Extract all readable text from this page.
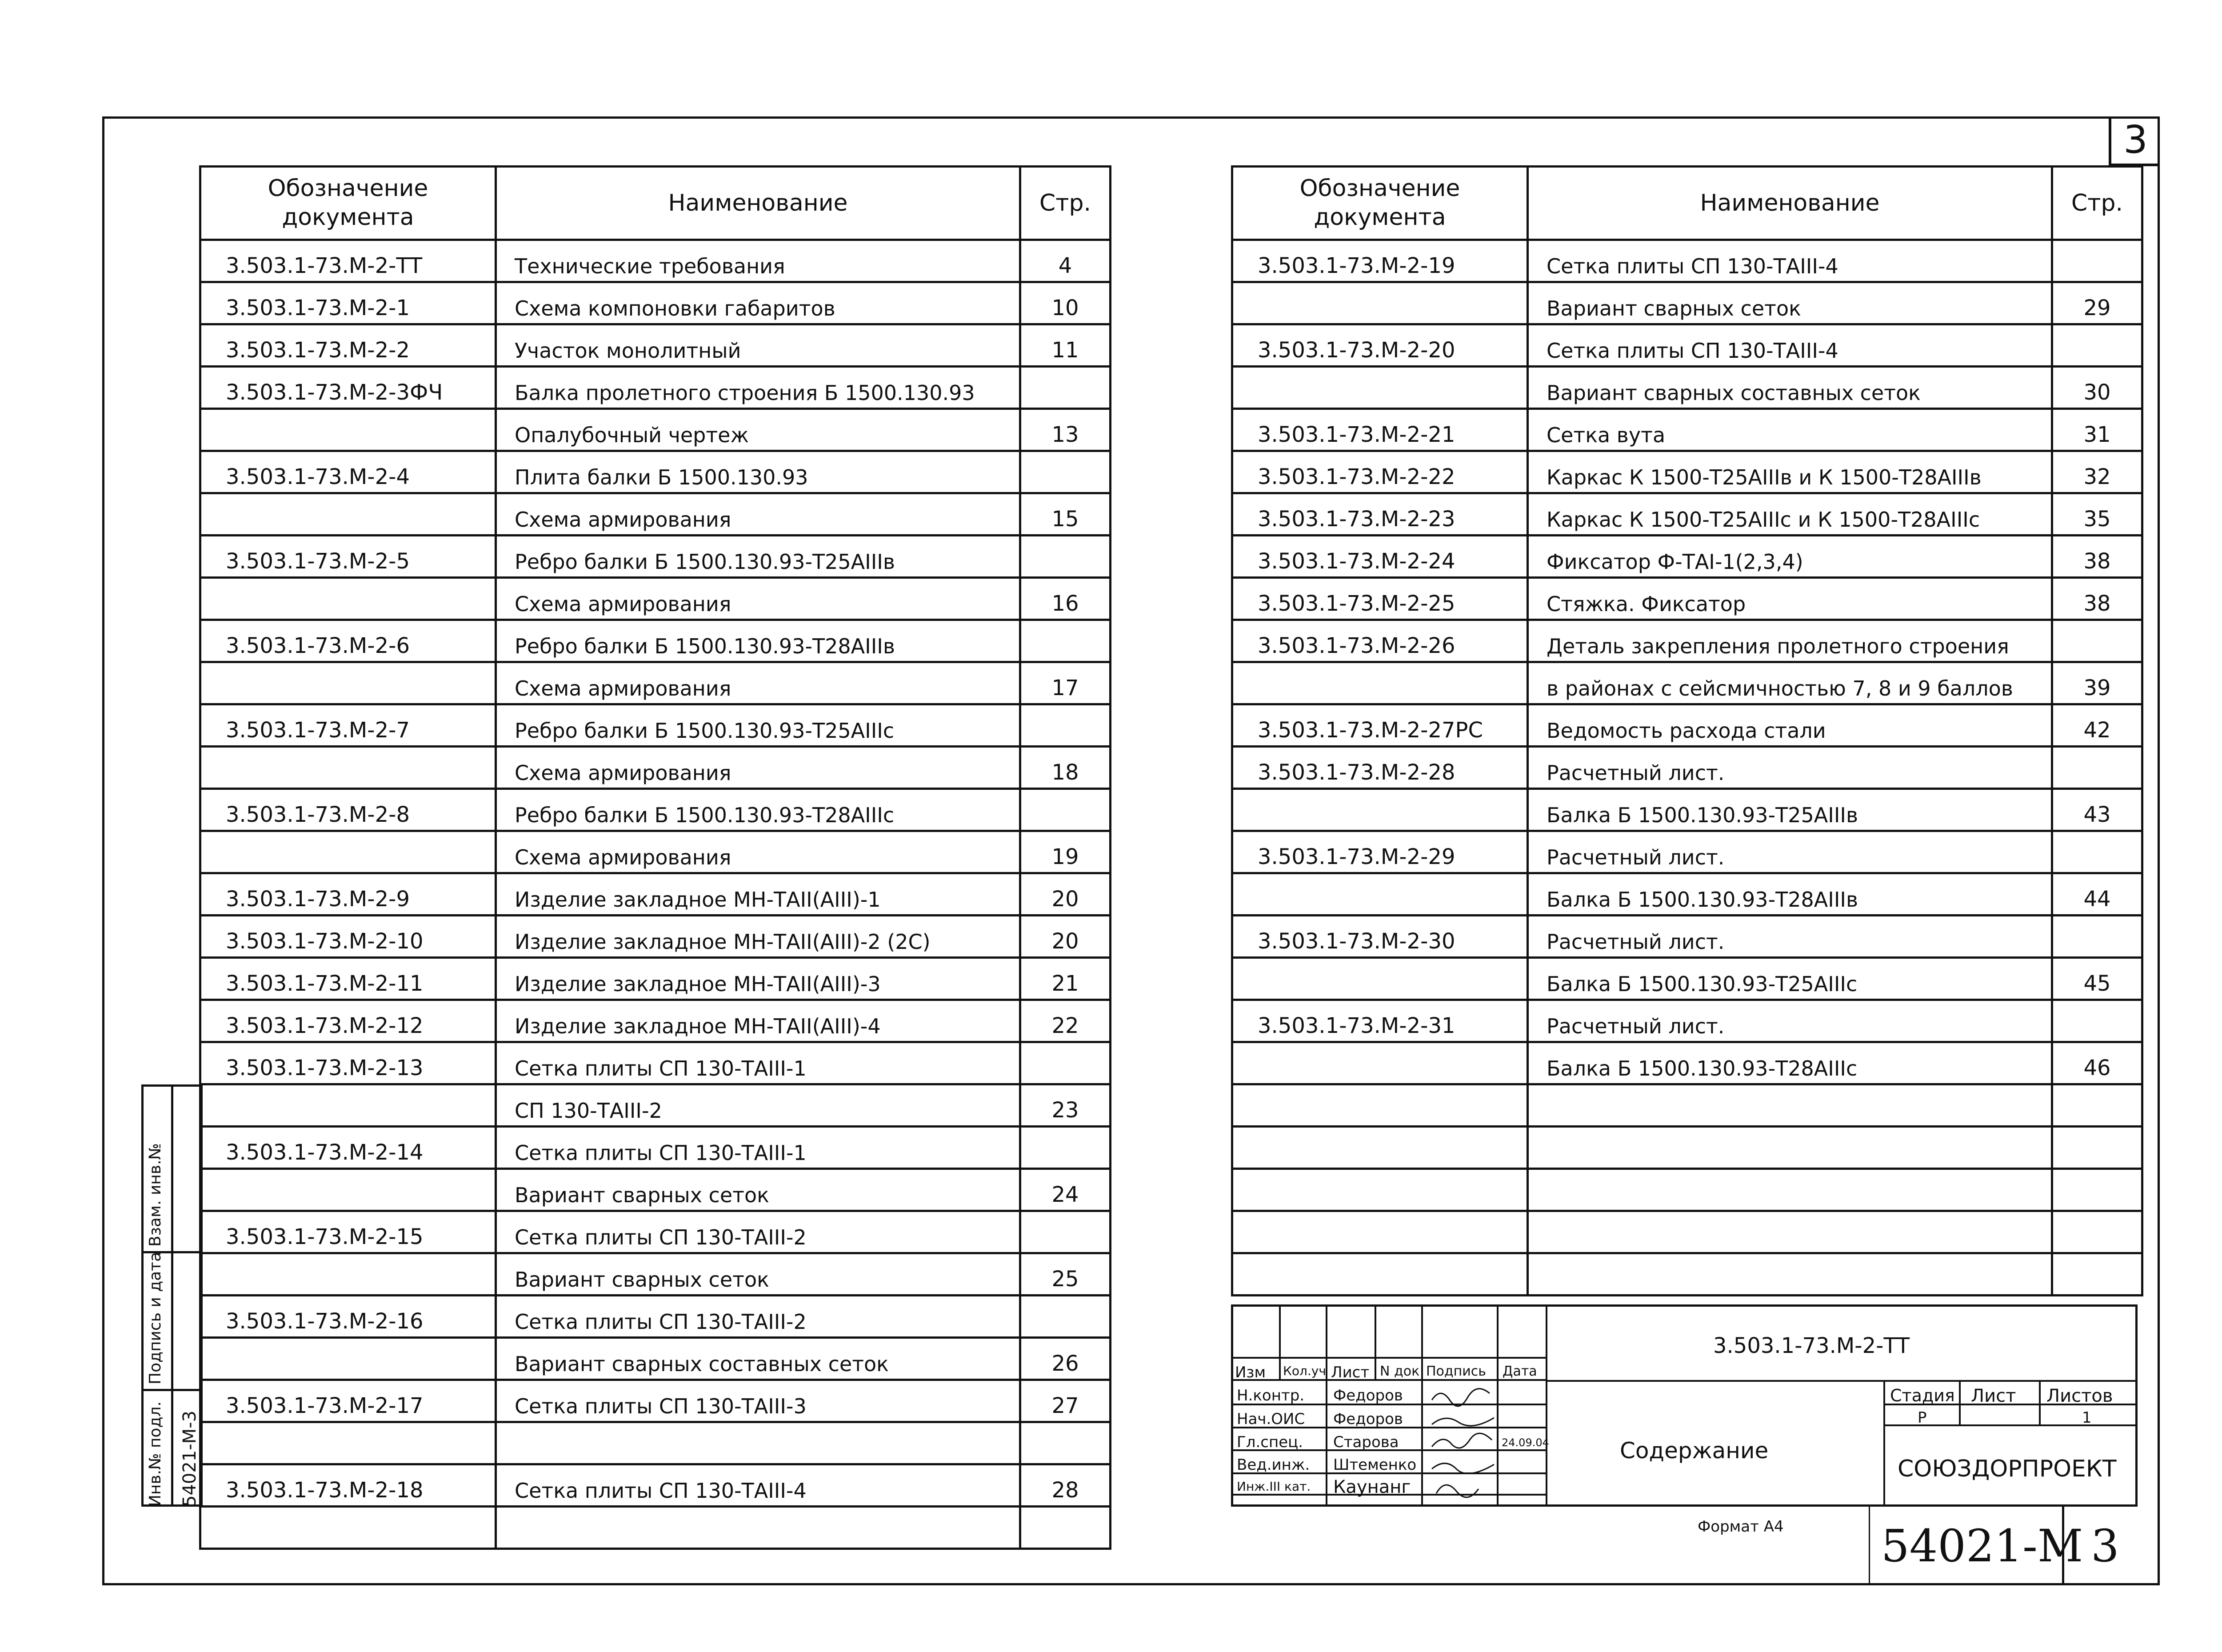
3
Обозначение документа	Наименование	Стр.
3.503.1-73.М-2-ТТ	Технические требования	4
3.503.1-73.М-2-1	Схема компоновки габаритов	10
3.503.1-73.М-2-2	Участок монолитный	11
3.503.1-73.М-2-3ФЧ	Балка пролетного строения Б 1500.130.93	
	Опалубочный чертеж	13
3.503.1-73.М-2-4	Плита балки Б 1500.130.93	
	Схема армирования	15
3.503.1-73.М-2-5	Ребро балки Б 1500.130.93-Т25АIIIв	
	Схема армирования	16
3.503.1-73.М-2-6	Ребро балки Б 1500.130.93-Т28АIIIв	
	Схема армирования	17
3.503.1-73.М-2-7	Ребро балки Б 1500.130.93-Т25АIIIс	
	Схема армирования	18
3.503.1-73.М-2-8	Ребро балки Б 1500.130.93-Т28АIIIс	
	Схема армирования	19
3.503.1-73.М-2-9	Изделие закладное МН-ТАII(АIII)-1	20
3.503.1-73.М-2-10	Изделие закладное МН-ТАII(АIII)-2 (2С)	20
3.503.1-73.М-2-11	Изделие закладное МН-ТАII(АIII)-3	21
3.503.1-73.М-2-12	Изделие закладное МН-ТАII(АIII)-4	22
3.503.1-73.М-2-13	Сетка плиты СП 130-ТАIII-1	
	СП 130-ТАIII-2	23
3.503.1-73.М-2-14	Сетка плиты СП 130-ТАIII-1	
	Вариант сварных сеток	24
3.503.1-73.М-2-15	Сетка плиты СП 130-ТАIII-2	
	Вариант сварных сеток	25
3.503.1-73.М-2-16	Сетка плиты СП 130-ТАIII-2	
	Вариант сварных составных сеток	26
3.503.1-73.М-2-17	Сетка плиты СП 130-ТАIII-3	27

3.503.1-73.М-2-18	Сетка плиты СП 130-ТАIII-4	28

Обозначение документа	Наименование	Стр.
3.503.1-73.М-2-19	Сетка плиты СП 130-ТАIII-4	
	Вариант сварных сеток	29
3.503.1-73.М-2-20	Сетка плиты СП 130-ТАIII-4	
	Вариант сварных составных сеток	30
3.503.1-73.М-2-21	Сетка вута	31
3.503.1-73.М-2-22	Каркас К 1500-Т25АIIIв и К 1500-Т28АIIIв	32
3.503.1-73.М-2-23	Каркас К 1500-Т25АIIIс и К 1500-Т28АIIIс	35
3.503.1-73.М-2-24	Фиксатор Ф-ТАI-1(2,3,4)	38
3.503.1-73.М-2-25	Стяжка. Фиксатор	38
3.503.1-73.М-2-26	Деталь закрепления пролетного строения	
	в районах с сейсмичностью 7, 8 и 9 баллов	39
3.503.1-73.М-2-27РС	Ведомость расхода стали	42
3.503.1-73.М-2-28	Расчетный лист.	
	Балка Б 1500.130.93-Т25АIIIв	43
3.503.1-73.М-2-29	Расчетный лист.	
	Балка Б 1500.130.93-Т28АIIIв	44
3.503.1-73.М-2-30	Расчетный лист.	
	Балка Б 1500.130.93-Т25АIIIс	45
3.503.1-73.М-2-31	Расчетный лист.	
	Балка Б 1500.130.93-Т28АIIIс	46

Инв.№ подл.
Подпись и дата
Взам. инв.№
54021-М-3
Изм Кол.уч Лист N док Подпись Дата
Н.контр. Федоров
Нач.ОИС Федоров
Гл.спец. Старова	24.09.04
Вед.инж. Штеменко
Инж.III кат. Каунанг
3.503.1-73.М-2-ТТ
Содержание
Стадия Лист Листов
Р	1
СОЮЗДОРПРОЕКТ
Формат А4 54021-М 3
